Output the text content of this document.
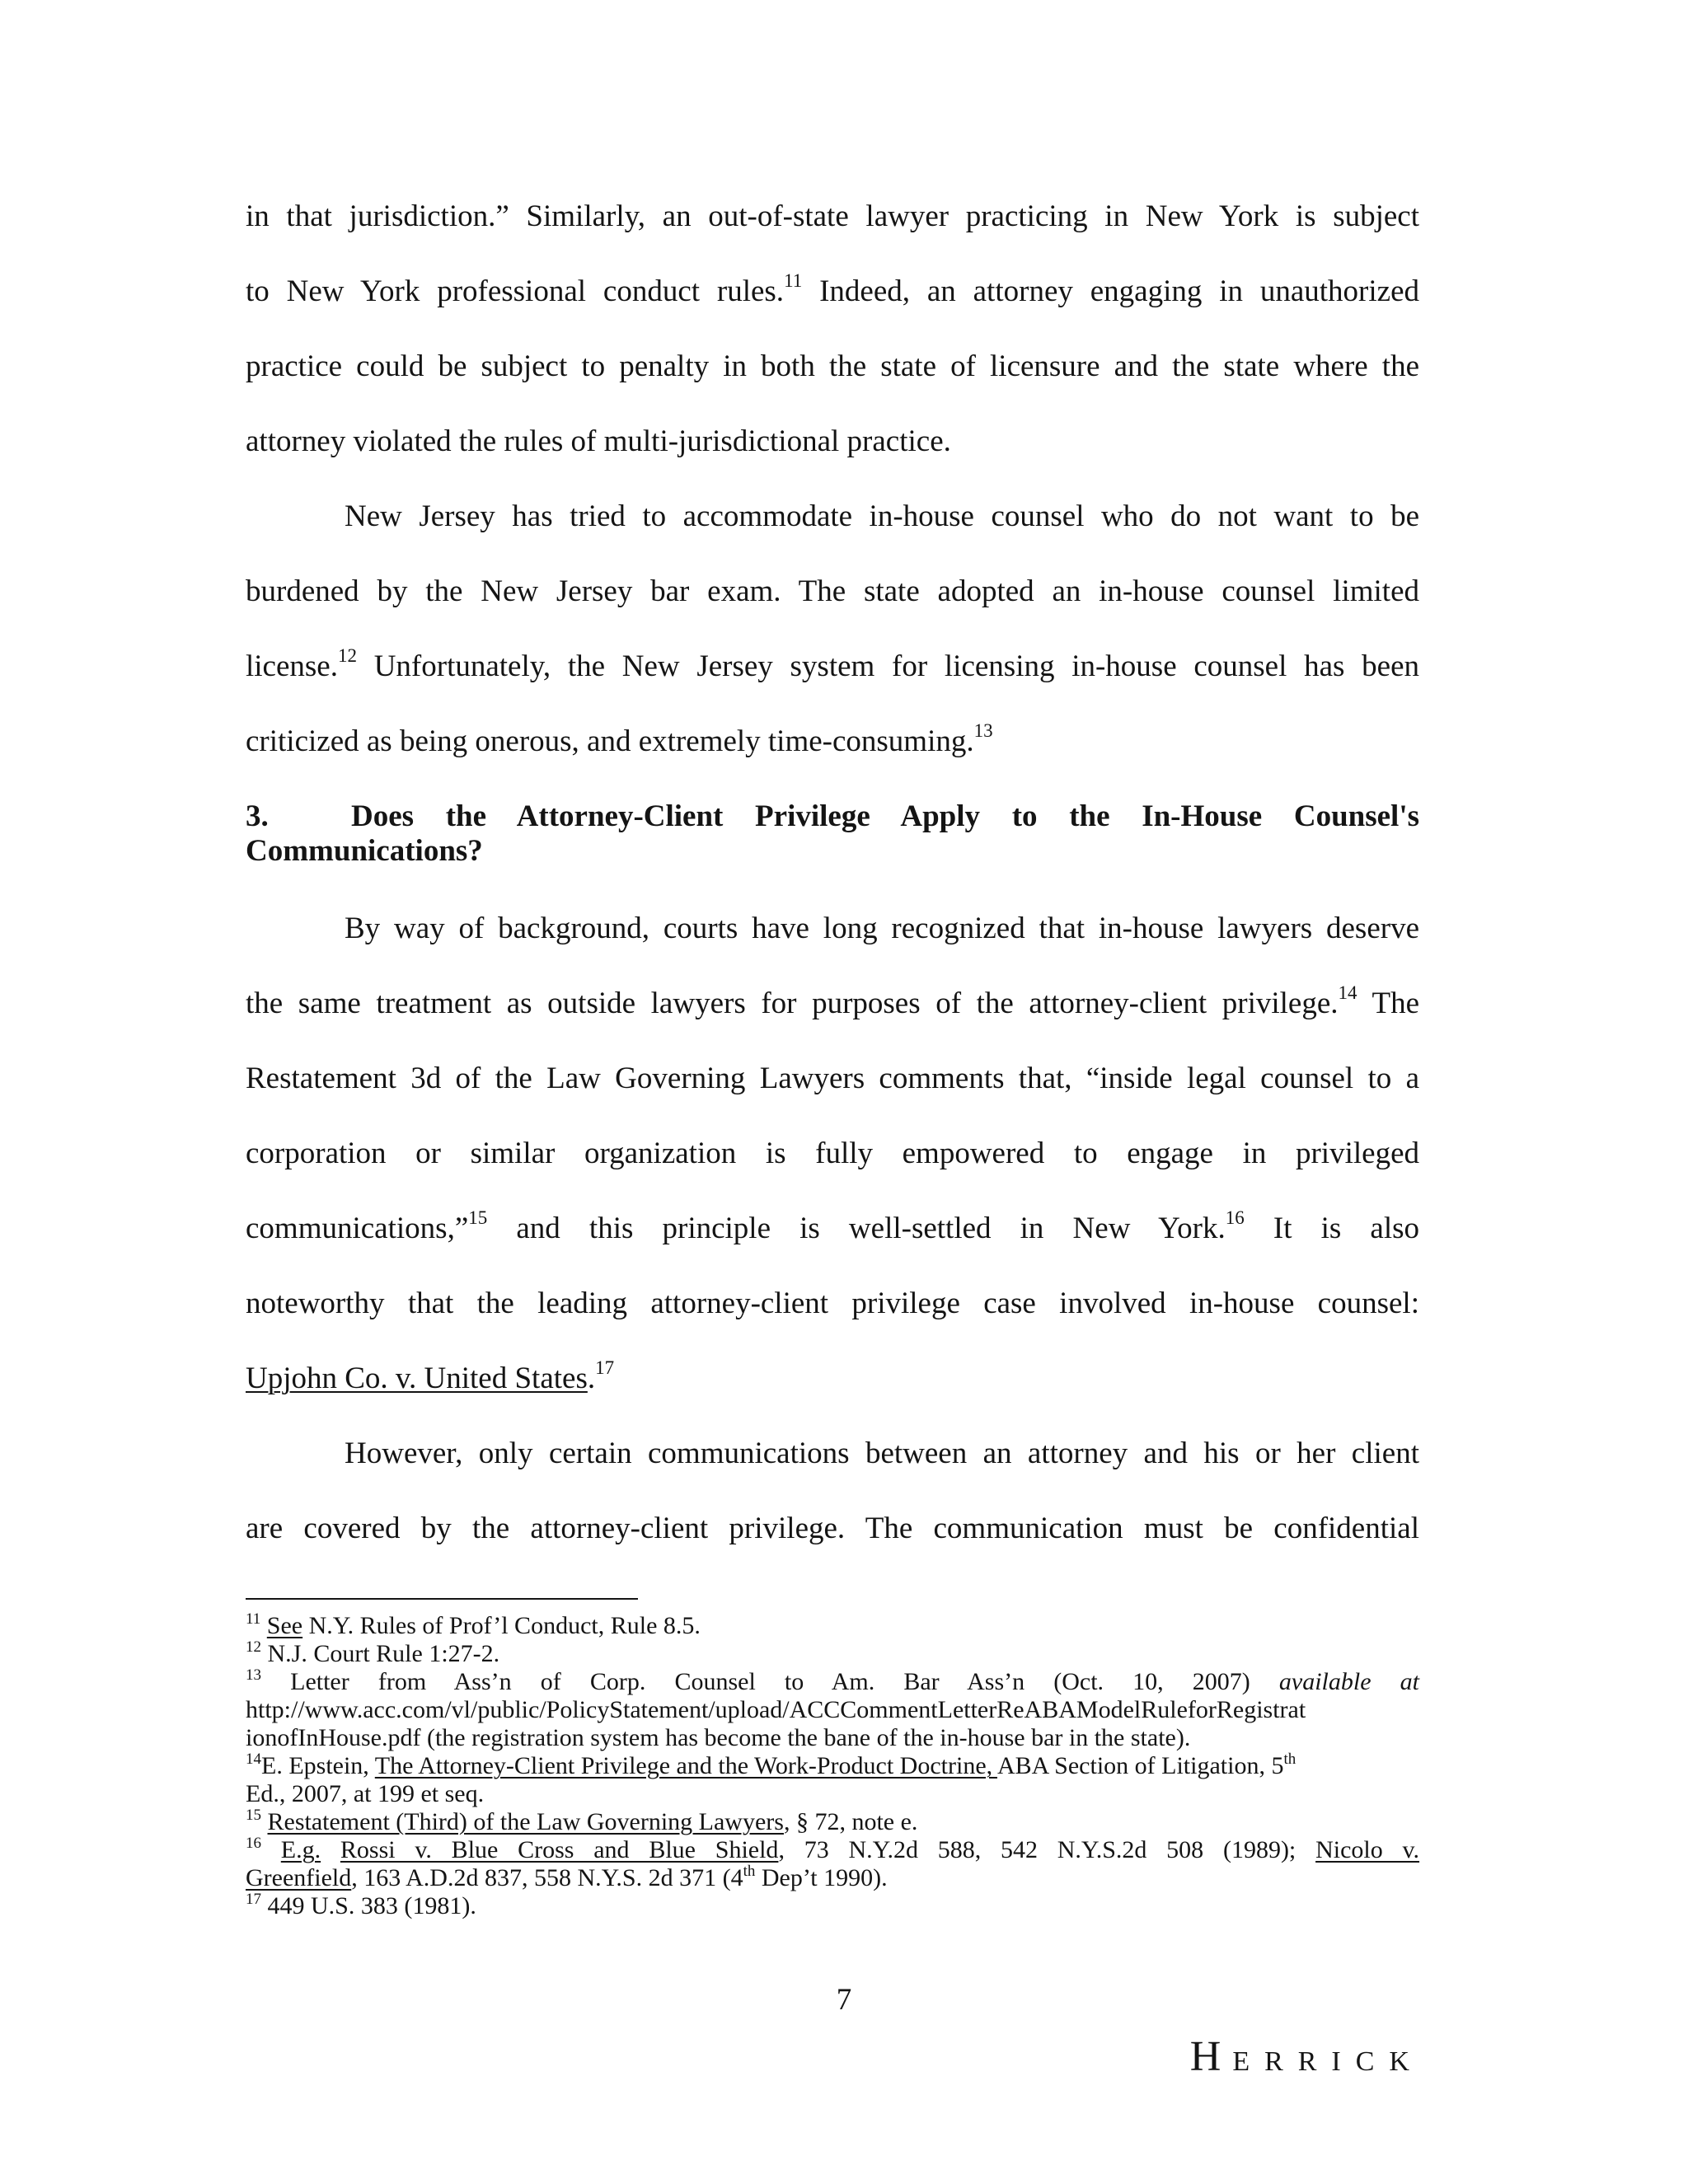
in that jurisdiction.” Similarly, an out-of-state lawyer practicing in New York is subject
to New York professional conduct rules.$^{11}$ Indeed, an attorney engaging in unauthorized
practice could be subject to penalty in both the state of licensure and the state where the
attorney violated the rules of multi-jurisdictional practice.
New Jersey has tried to accommodate in-house counsel who do not want to be
burdened by the New Jersey bar exam. The state adopted an in-house counsel limited
license.$^{12}$ Unfortunately, the New Jersey system for licensing in-house counsel has been
criticized as being onerous, and extremely time-consuming.$^{13}$
3.	Does the Attorney-Client Privilege Apply to the In-House Counsel's
Communications?
By way of background, courts have long recognized that in-house lawyers deserve
the same treatment as outside lawyers for purposes of the attorney-client privilege.$^{14}$ The
Restatement 3d of the Law Governing Lawyers comments that, “inside legal counsel to a
corporation or similar organization is fully empowered to engage in privileged
communications,”$^{15}$ and this principle is well-settled in New York.$^{16}$ It is also
noteworthy that the leading attorney-client privilege case involved in-house counsel:
Upjohn Co. v. United States.$^{17}$
However, only certain communications between an attorney and his or her client
are covered by the attorney-client privilege. The communication must be confidential
$^{11}$ See N.Y. Rules of Prof’l Conduct, Rule 8.5.
$^{12}$ N.J. Court Rule 1:27-2.
$^{13}$ Letter from Ass’n of Corp. Counsel to Am. Bar Ass’n (Oct. 10, 2007) available at
http://www.acc.com/vl/public/PolicyStatement/upload/ACCCommentLetterReABAModelRuleforRegistrat
ionofInHouse.pdf (the registration system has become the bane of the in-house bar in the state).
$^{14}$E. Epstein, The Attorney-Client Privilege and the Work-Product Doctrine, ABA Section of Litigation, 5th
Ed., 2007, at 199 et seq.
$^{15}$ Restatement (Third) of the Law Governing Lawyers, § 72, note e.
$^{16}$ E.g. Rossi v. Blue Cross and Blue Shield, 73 N.Y.2d 588, 542 N.Y.S.2d 508 (1989); Nicolo v.
Greenfield, 163 A.D.2d 837, 558 N.Y.S. 2d 371 (4th Dep’t 1990).
$^{17}$ 449 U.S. 383 (1981).
7
HERRICK
